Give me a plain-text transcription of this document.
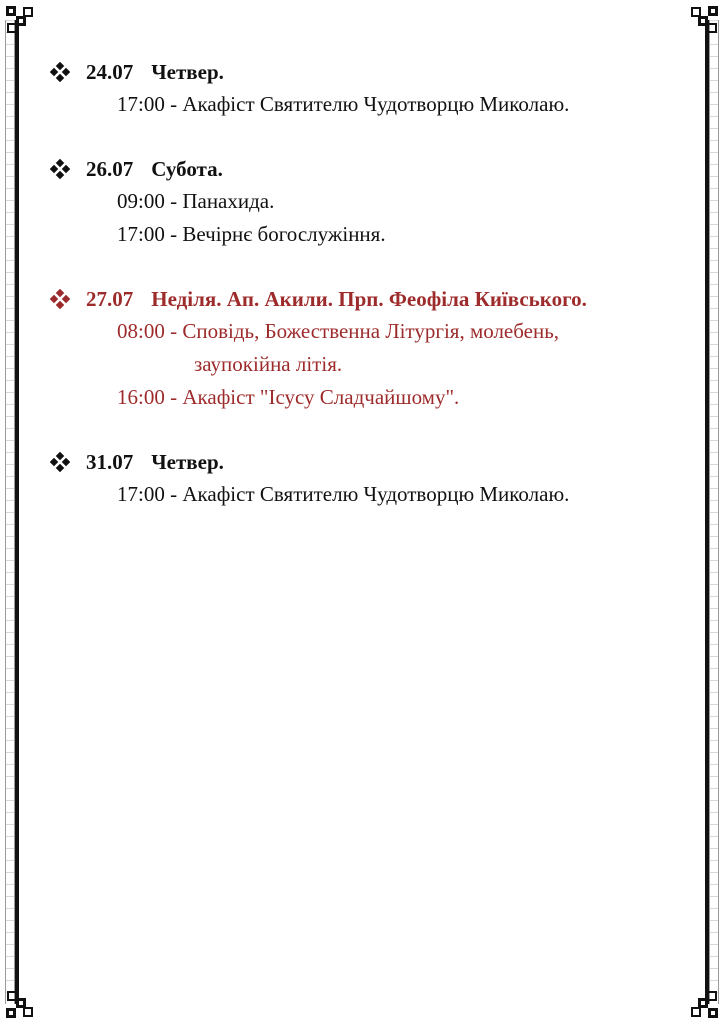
24.07 Четвер.
17:00 - Акафіст Святителю Чудотворцю Миколаю.
26.07 Субота.
09:00 - Панахида.
17:00 - Вечірнє богослужіння.
27.07 Неділя. Ап. Акили. Прп. Феофіла Київського.
08:00 - Сповідь, Божественна Літургія, молебень,
заупокійна літія.
16:00 - Акафіст "Ісусу Сладчайшому".
31.07 Четвер.
17:00 - Акафіст Святителю Чудотворцю Миколаю.
